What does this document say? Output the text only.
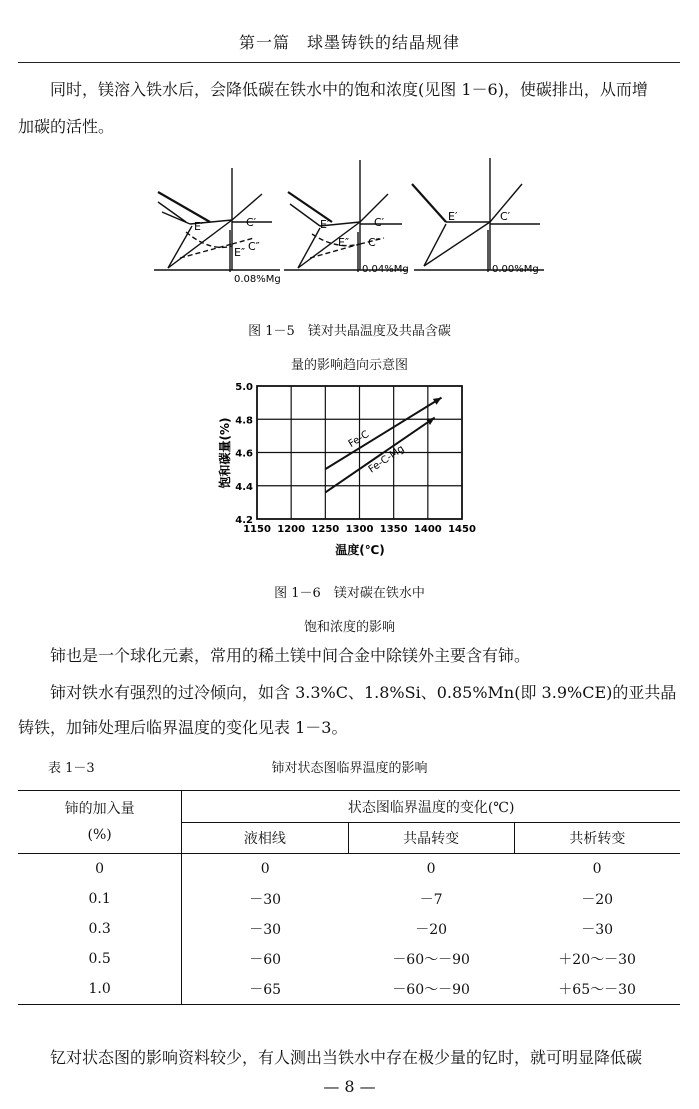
第一篇　球墨铸铁的结晶规律
同时，镁溶入铁水后，会降低碳在铁水中的饱和浓度(见图 1－6)，使碳排出，从而增
加碳的活性。
E′	C′
E″ C″
0.08%Mg
E′	C′
E″ C″
0.04%Mg
E′	C′
0.00%Mg
图 1－5　镁对共晶温度及共晶含碳
量的影响趋向示意图
1150 1200 1250 1300 1350 1400 1450
4.2
4.4
4.6
4.8
5.0
Fe-C
Fe-C-Mg
温度(℃)
饱和碳量(%)
图 1－6　镁对碳在铁水中
饱和浓度的影响
铈也是一个球化元素，常用的稀土镁中间合金中除镁外主要含有铈。
铈对铁水有强烈的过冷倾向，如含 3.3%C、1.8%Si、0.85%Mn(即 3.9%CE)的亚共晶
铸铁，加铈处理后临界温度的变化见表 1－3。
表 1－3	铈对状态图临界温度的影响
铈的加入量
(%)	状态图临界温度的变化(℃)		
	液相线	共晶转变	共析转变
0	0	0	0
0.1	－30	－7	－20
0.3	－30	－20	－30
0.5	－60	－60～－90	＋20～－30
1.0	－65	－60～－90	＋65～－30
钇对状态图的影响资料较少，有人测出当铁水中存在极少量的钇时，就可明显降低碳
— 8 —
